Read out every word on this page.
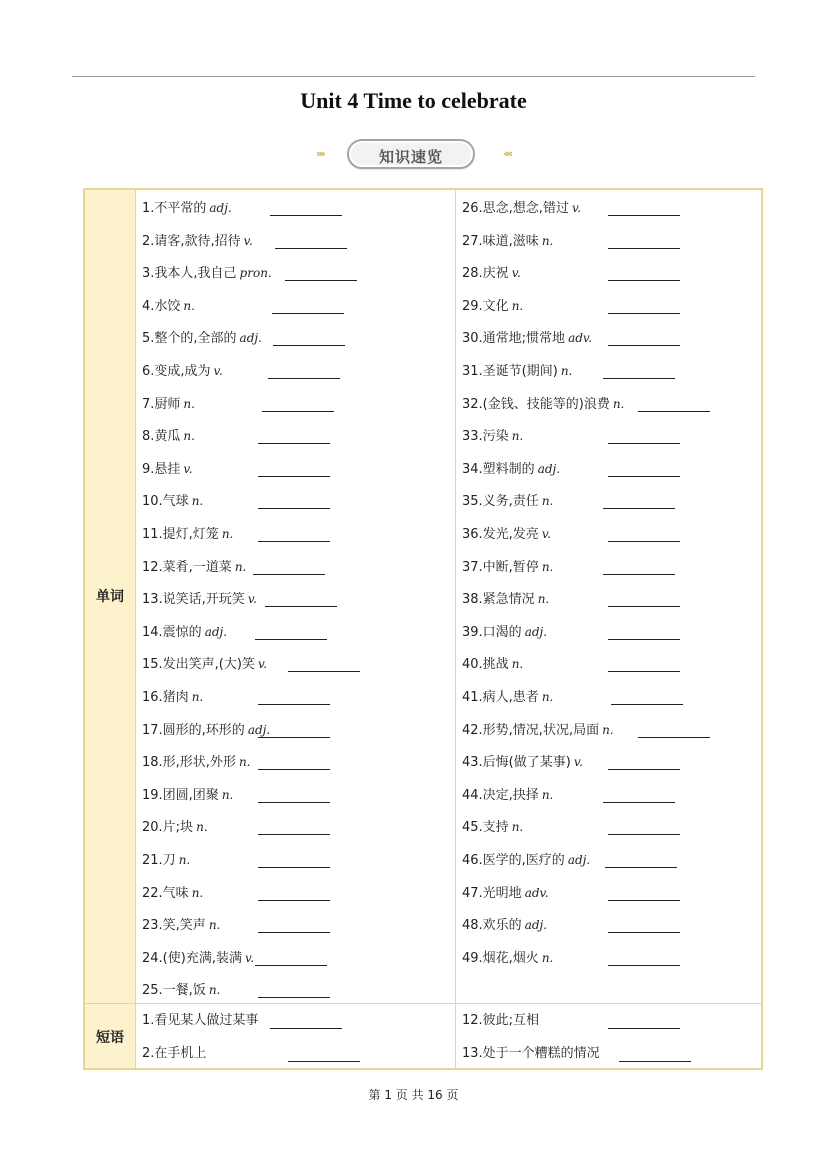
Unit 4 Time to celebrate
›››	知识速览	‹‹‹
单词
短语
1.不平常的 adj.
2.请客,款待,招待 v.
3.我本人,我自己 pron.
4.水饺 n.
5.整个的,全部的 adj.
6.变成,成为 v.
7.厨师 n.
8.黄瓜 n.
9.悬挂 v.
10.气球 n.
11.提灯,灯笼 n.
12.菜肴,一道菜 n.
13.说笑话,开玩笑 v.
14.震惊的 adj.
15.发出笑声,(大)笑 v.
16.猪肉 n.
17.圆形的,环形的 adj.
18.形,形状,外形 n.
19.团圆,团聚 n.
20.片;块 n.
21.刀 n.
22.气味 n.
23.笑,笑声 n.
24.(使)充满,装满 v.
25.一餐,饭 n.
26.思念,想念,错过 v.
27.味道,滋味 n.
28.庆祝 v.
29.文化 n.
30.通常地;惯常地 adv.
31.圣诞节(期间) n.
32.(金钱、技能等的)浪费 n.
33.污染 n.
34.塑料制的 adj.
35.义务,责任 n.
36.发光,发亮 v.
37.中断,暂停 n.
38.紧急情况 n.
39.口渴的 adj.
40.挑战 n.
41.病人,患者 n.
42.形势,情况,状况,局面 n.
43.后悔(做了某事) v.
44.决定,抉择 n.
45.支持 n.
46.医学的,医疗的 adj.
47.光明地 adv.
48.欢乐的 adj.
49.烟花,烟火 n.
1.看见某人做过某事
2.在手机上
12.彼此;互相
13.处于一个糟糕的情况
第 1 页 共 16 页
